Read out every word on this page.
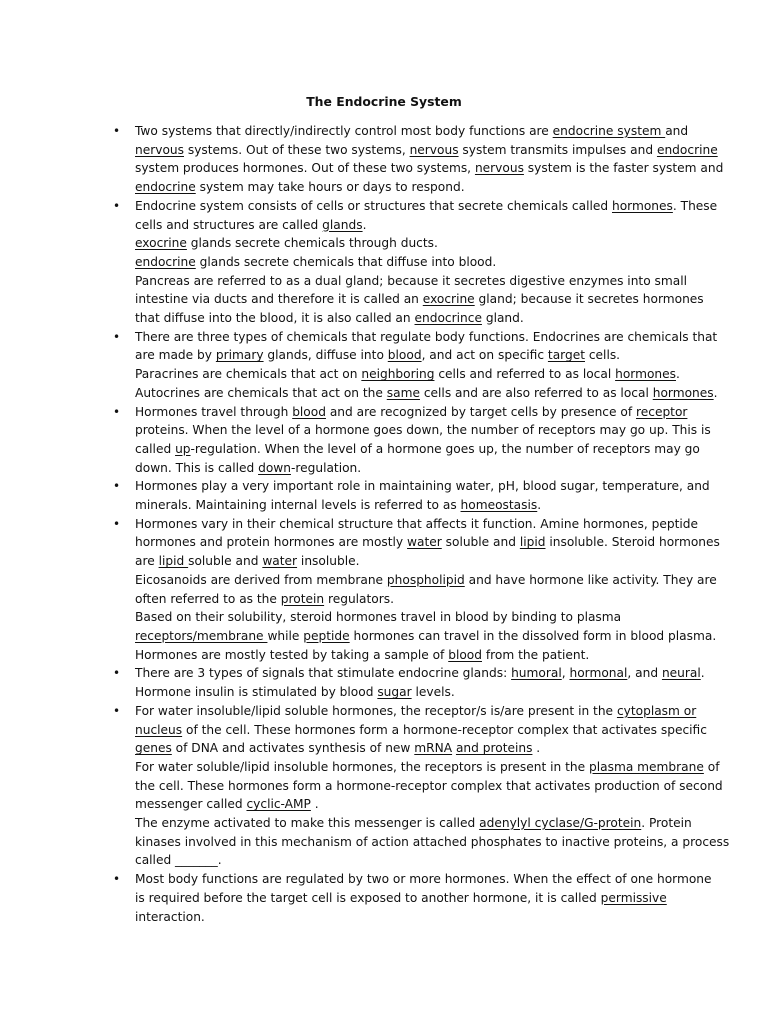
The Endocrine System
• Two systems that directly/indirectly control most body functions are endocrine system and
nervous systems. Out of these two systems, nervous system transmits impulses and endocrine
system produces hormones. Out of these two systems, nervous system is the faster system and
endocrine system may take hours or days to respond.
• Endocrine system consists of cells or structures that secrete chemicals called hormones. These
cells and structures are called glands.
exocrine glands secrete chemicals through ducts.
endocrine glands secrete chemicals that diffuse into blood.
Pancreas are referred to as a dual gland; because it secretes digestive enzymes into small
intestine via ducts and therefore it is called an exocrine gland; because it secretes hormones
that diffuse into the blood, it is also called an endocrince gland.
• There are three types of chemicals that regulate body functions. Endocrines are chemicals that
are made by primary glands, diffuse into blood, and act on specific target cells.
Paracrines are chemicals that act on neighboring cells and referred to as local hormones.
Autocrines are chemicals that act on the same cells and are also referred to as local hormones.
• Hormones travel through blood and are recognized by target cells by presence of receptor
proteins. When the level of a hormone goes down, the number of receptors may go up. This is
called up-regulation. When the level of a hormone goes up, the number of receptors may go
down. This is called down-regulation.
• Hormones play a very important role in maintaining water, pH, blood sugar, temperature, and
minerals. Maintaining internal levels is referred to as homeostasis.
• Hormones vary in their chemical structure that affects it function. Amine hormones, peptide
hormones and protein hormones are mostly water soluble and lipid insoluble. Steroid hormones
are lipid soluble and water insoluble.
Eicosanoids are derived from membrane phospholipid and have hormone like activity. They are
often referred to as the protein regulators.
Based on their solubility, steroid hormones travel in blood by binding to plasma
receptors/membrane while peptide hormones can travel in the dissolved form in blood plasma.
Hormones are mostly tested by taking a sample of blood from the patient.
• There are 3 types of signals that stimulate endocrine glands: humoral, hormonal, and neural.
Hormone insulin is stimulated by blood sugar levels.
• For water insoluble/lipid soluble hormones, the receptor/s is/are present in the cytoplasm or
nucleus of the cell. These hormones form a hormone-receptor complex that activates specific
genes of DNA and activates synthesis of new mRNA and proteins .
For water soluble/lipid insoluble hormones, the receptors is present in the plasma membrane of
the cell. These hormones form a hormone-receptor complex that activates production of second
messenger called cyclic-AMP .
The enzyme activated to make this messenger is called adenylyl cyclase/G-protein. Protein
kinases involved in this mechanism of action attached phosphates to inactive proteins, a process
called _______.
• Most body functions are regulated by two or more hormones. When the effect of one hormone
is required before the target cell is exposed to another hormone, it is called permissive
interaction.
